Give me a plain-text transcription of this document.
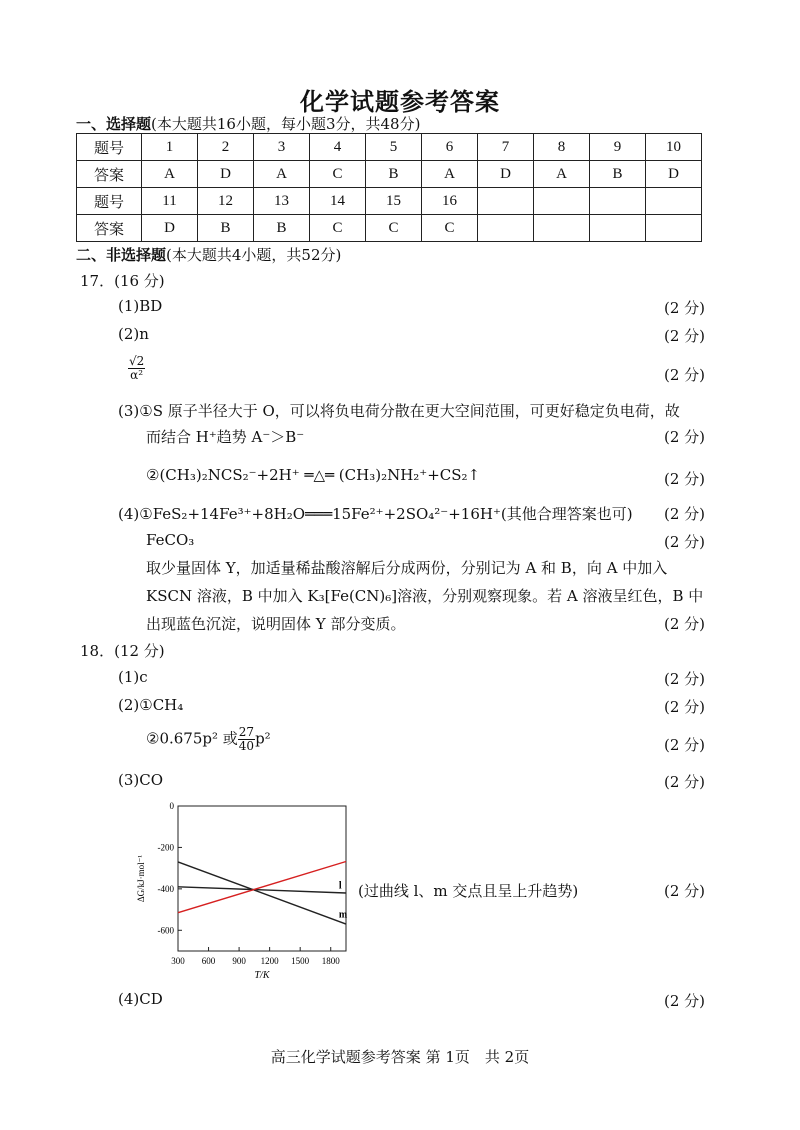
化学试题参考答案
一、选择题(本大题共16小题，每小题3分，共48分)
题号	1	2	3	4	5	6	7	8	9	10
答案	A	D	A	C	B	A	D	A	B	D
题号	11	12	13	14	15	16				
答案	D	B	B	C	C	C				
二、非选择题(本大题共4小题，共52分)
17．(16 分)
(1)BD	(2 分)
(2)n	(2 分)
$\frac{√2}{\text{α²}}$	(2 分)
(3)①S 原子半径大于 O，可以将负电荷分散在更大空间范围，可更好稳定负电荷，故
而结合 H⁺趋势 A⁻＞B⁻	(2 分)
②(CH₃)₂NCS₂⁻+2H⁺ ═△═ (CH₃)₂NH₂⁺+CS₂↑	(2 分)
(4)①FeS₂+14Fe³⁺+8H₂O═══15Fe²⁺+2SO₄²⁻+16H⁺(其他合理答案也可) (2 分)
FeCO₃	(2 分)
取少量固体 Y，加适量稀盐酸溶解后分成两份，分别记为 A 和 B，向 A 中加入
KSCN 溶液，B 中加入 K₃[Fe(CN)₆]溶液，分别观察现象。若 A 溶液呈红色，B 中
出现蓝色沉淀，说明固体 Y 部分变质。	(2 分)
18．(12 分)
(1)c	(2 分)
(2)①CH₄	(2 分)
②0.675p² 或 $\frac{27}{40} p^2$	(2 分)
(3)CO	(2 分)
300 600 900 1200 1500 1800
0
-200
-400
-600
l
m
T/K
ΔG/kJ·mol⁻¹	(过曲线 l、m 交点且呈上升趋势)	(2 分)
(4)CD	(2 分)
高三化学试题参考答案 第 1页　共 2页
